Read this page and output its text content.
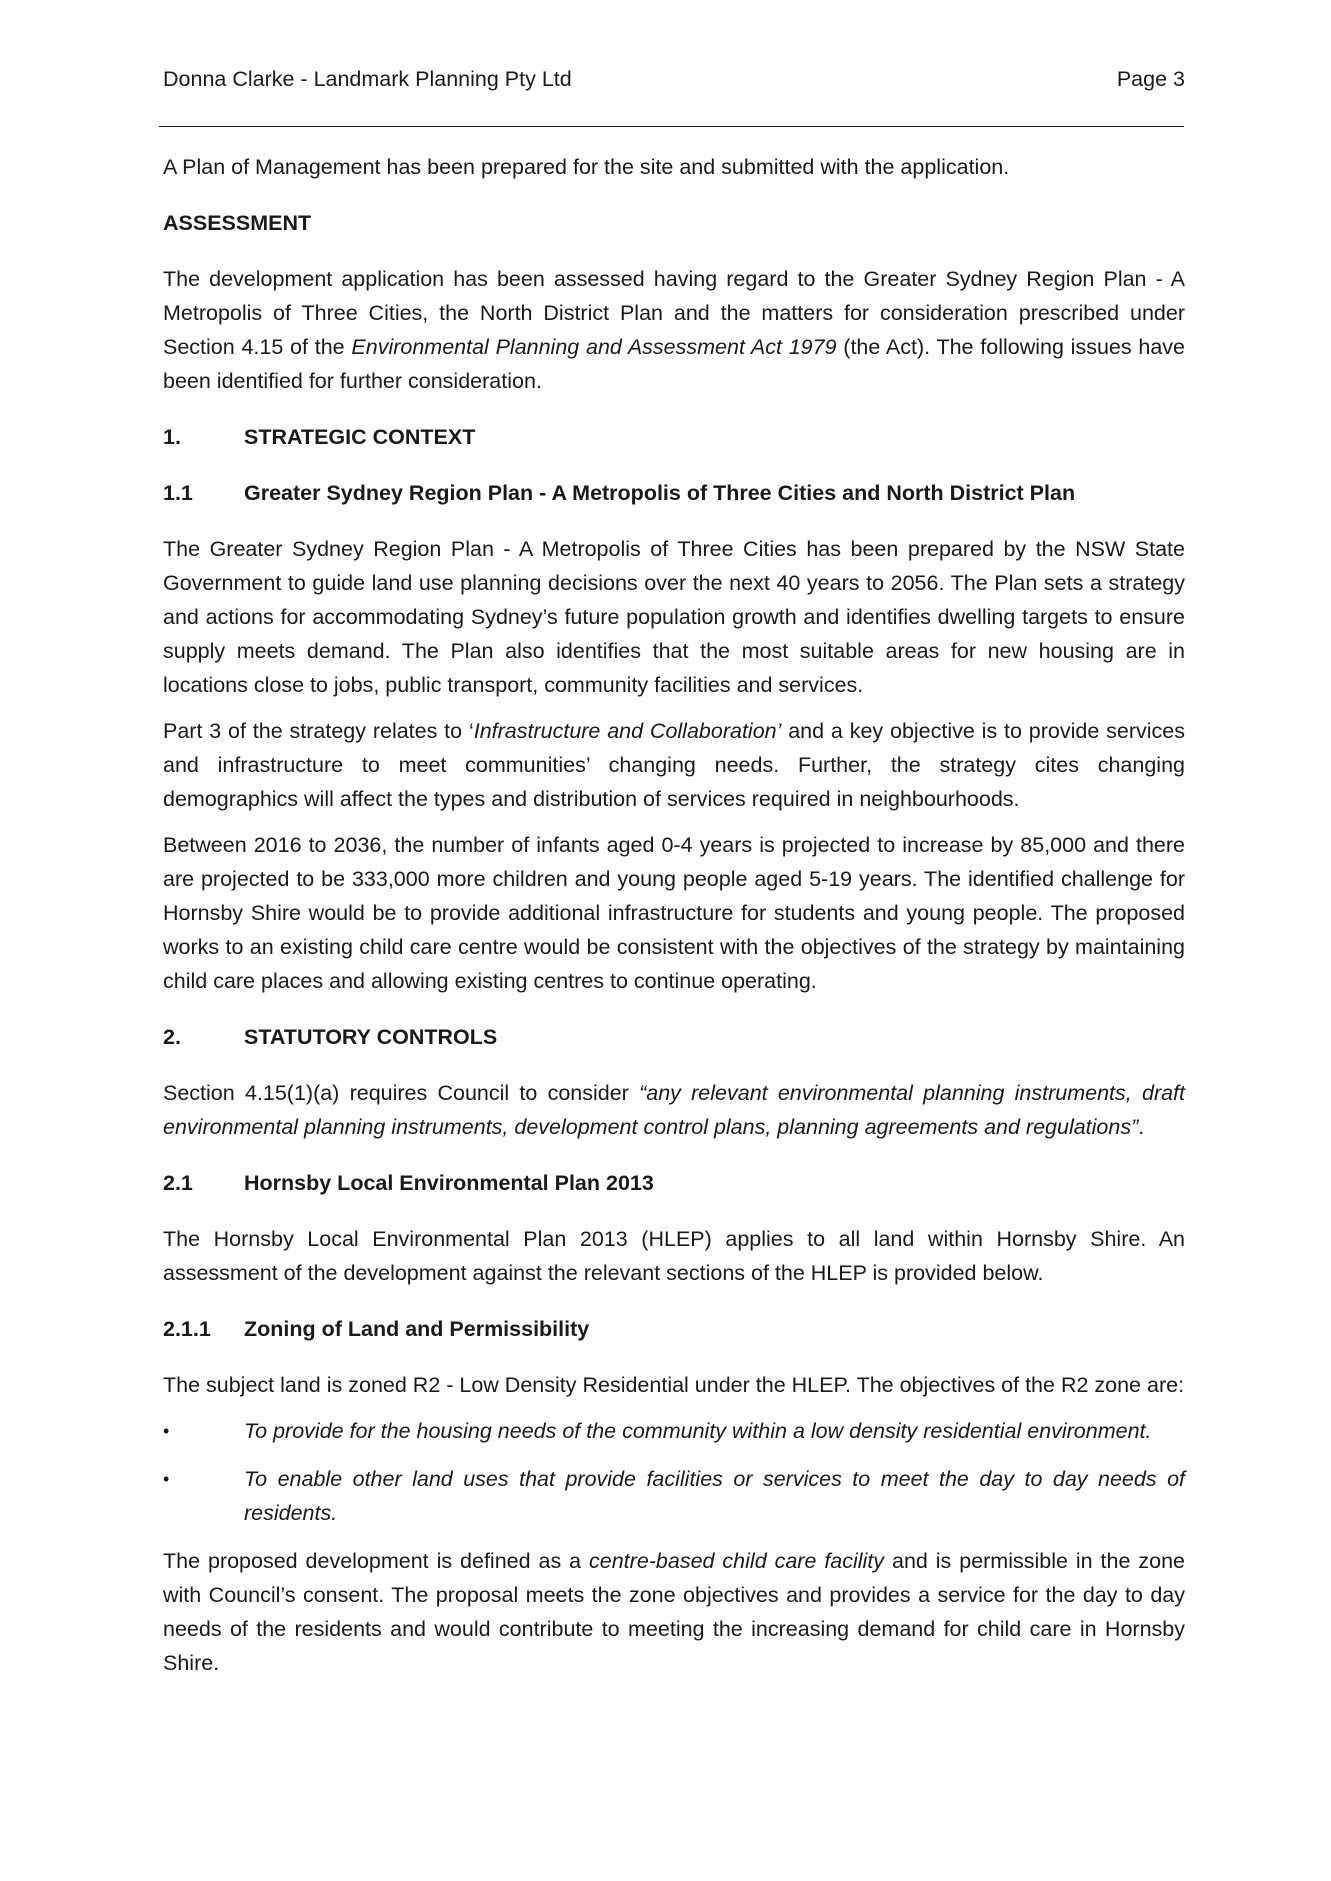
Donna Clarke - Landmark Planning Pty Ltd	Page 3

A Plan of Management has been prepared for the site and submitted with the application.

ASSESSMENT

The development application has been assessed having regard to the Greater Sydney Region Plan - A Metropolis of Three Cities, the North District Plan and the matters for consideration prescribed under Section 4.15 of the Environmental Planning and Assessment Act 1979 (the Act). The following issues have been identified for further consideration.

1.	STRATEGIC CONTEXT
1.1	Greater Sydney Region Plan - A Metropolis of Three Cities and North District Plan

The Greater Sydney Region Plan - A Metropolis of Three Cities has been prepared by the NSW State Government to guide land use planning decisions over the next 40 years to 2056. The Plan sets a strategy and actions for accommodating Sydney’s future population growth and identifies dwelling targets to ensure supply meets demand. The Plan also identifies that the most suitable areas for new housing are in locations close to jobs, public transport, community facilities and services.

Part 3 of the strategy relates to ‘Infrastructure and Collaboration’ and a key objective is to provide services and infrastructure to meet communities’ changing needs. Further, the strategy cites changing demographics will affect the types and distribution of services required in neighbourhoods.

Between 2016 to 2036, the number of infants aged 0-4 years is projected to increase by 85,000 and there are projected to be 333,000 more children and young people aged 5-19 years. The identified challenge for Hornsby Shire would be to provide additional infrastructure for students and young people. The proposed works to an existing child care centre would be consistent with the objectives of the strategy by maintaining child care places and allowing existing centres to continue operating.

2.	STATUTORY CONTROLS

Section 4.15(1)(a) requires Council to consider “any relevant environmental planning instruments, draft environmental planning instruments, development control plans, planning agreements and regulations”.

2.1	Hornsby Local Environmental Plan 2013

The Hornsby Local Environmental Plan 2013 (HLEP) applies to all land within Hornsby Shire. An assessment of the development against the relevant sections of the HLEP is provided below.

2.1.1	Zoning of Land and Permissibility

The subject land is zoned R2 - Low Density Residential under the HLEP. The objectives of the R2 zone are:

•	To provide for the housing needs of the community within a low density residential environment.
•	To enable other land uses that provide facilities or services to meet the day to day needs of residents.

The proposed development is defined as a centre-based child care facility and is permissible in the zone with Council’s consent. The proposal meets the zone objectives and provides a service for the day to day needs of the residents and would contribute to meeting the increasing demand for child care in Hornsby Shire.
